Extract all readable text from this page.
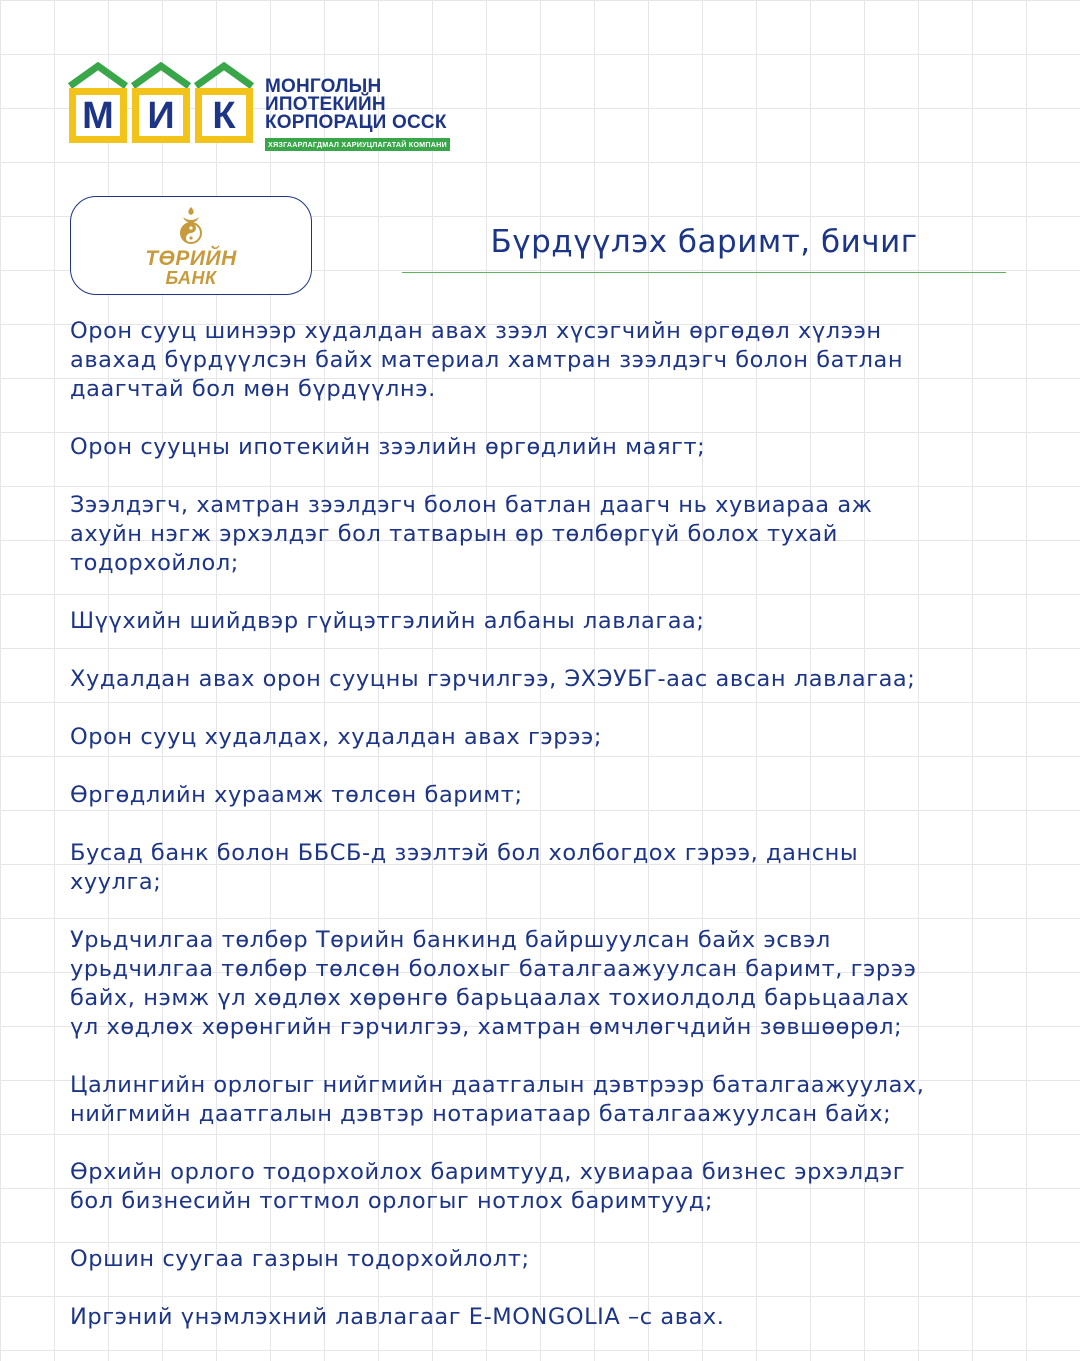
М И К
МОНГОЛЫН
ИПОТЕКИЙН
КОРПОРАЦИ ОССК
ХЯЗГААРЛАГДМАЛ ХАРИУЦЛАГАТАЙ КОМПАНИ
ТӨРИЙН
БАНК
Бүрдүүлэх баримт, бичиг
Орон сууц шинээр худалдан авах зээл хүсэгчийн өргөдөл хүлээн
авахад бүрдүүлсэн байх материал хамтран зээлдэгч болон батлан
даагчтай бол мөн бүрдүүлнэ.
Орон сууцны ипотекийн зээлийн өргөдлийн маягт;
Зээлдэгч, хамтран зээлдэгч болон батлан даагч нь хувиараа аж
ахуйн нэгж эрхэлдэг бол татварын өр төлбөргүй болох тухай
тодорхойлол;
Шүүхийн шийдвэр гүйцэтгэлийн албаны лавлагаа;
Худалдан авах орон сууцны гэрчилгээ, ЭХЭУБГ-аас авсан лавлагаа;
Орон сууц худалдах, худалдан авах гэрээ;
Өргөдлийн хураамж төлсөн баримт;
Бусад банк болон ББСБ-д зээлтэй бол холбогдох гэрээ, дансны
хуулга;
Урьдчилгаа төлбөр Төрийн банкинд байршуулсан байх эсвэл
урьдчилгаа төлбөр төлсөн болохыг баталгаажуулсан баримт, гэрээ
байх, нэмж үл хөдлөх хөрөнгө барьцаалах тохиолдолд барьцаалах
үл хөдлөх хөрөнгийн гэрчилгээ, хамтран өмчлөгчдийн зөвшөөрөл;
Цалингийн орлогыг нийгмийн даатгалын дэвтрээр баталгаажуулах,
нийгмийн даатгалын дэвтэр нотариатаар баталгаажуулсан байх;
Өрхийн орлого тодорхойлох баримтууд, хувиараа бизнес эрхэлдэг
бол бизнесийн тогтмол орлогыг нотлох баримтууд;
Оршин суугаа газрын тодорхойлолт;
Иргэний үнэмлэхний лавлагааг E-MONGOLIA –с авах.
